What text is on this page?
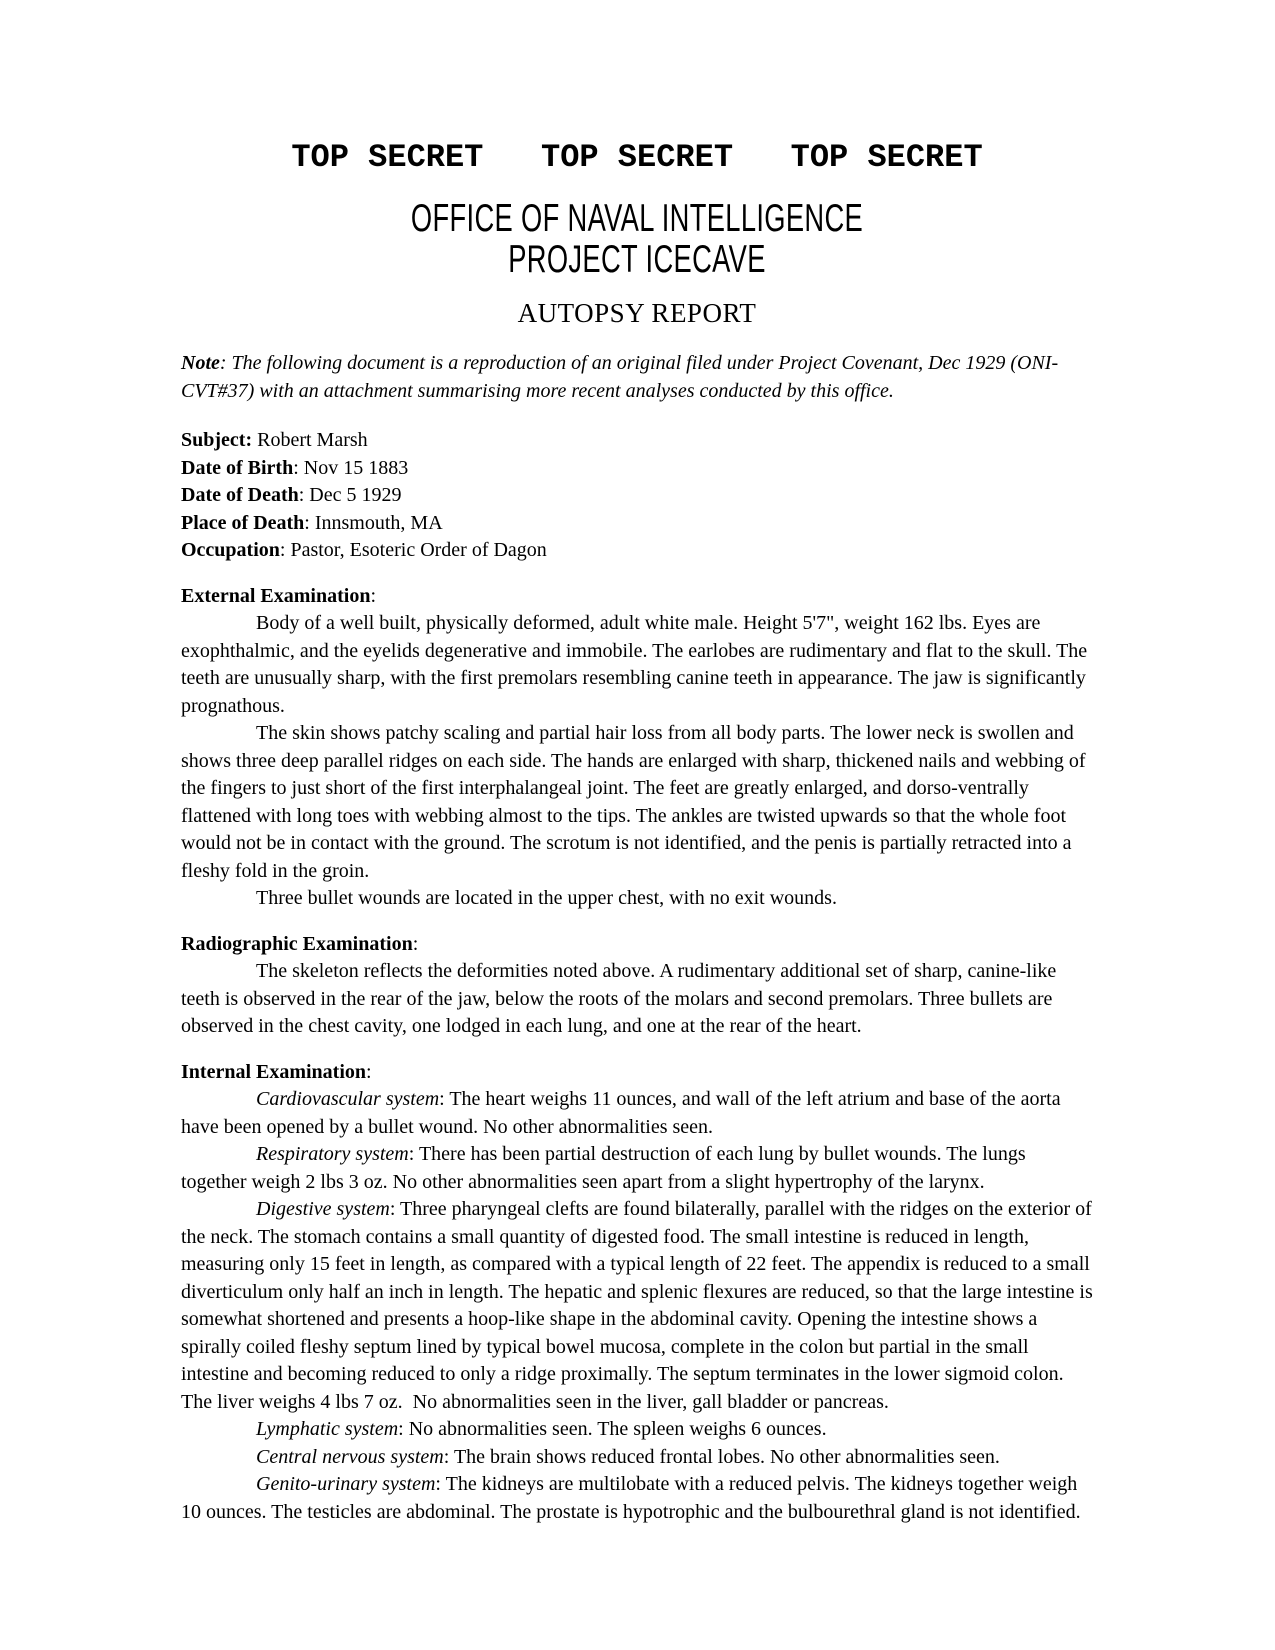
TOP SECRET   TOP SECRET   TOP SECRET
OFFICE OF NAVAL INTELLIGENCE
PROJECT ICECAVE
AUTOPSY REPORT

Note: The following document is a reproduction of an original filed under Project Covenant, Dec 1929 (ONI-CVT#37) with an attachment summarising more recent analyses conducted by this office.

Subject: Robert Marsh
Date of Birth: Nov 15 1883
Date of Death: Dec 5 1929
Place of Death: Innsmouth, MA
Occupation: Pastor, Esoteric Order of Dagon

External Examination:

Body of a well built, physically deformed, adult white male. Height 5'7", weight 162 lbs. Eyes are exophthalmic, and the eyelids degenerative and immobile. The earlobes are rudimentary and flat to the skull. The teeth are unusually sharp, with the first premolars resembling canine teeth in appearance. The jaw is significantly prognathous.

The skin shows patchy scaling and partial hair loss from all body parts. The lower neck is swollen and shows three deep parallel ridges on each side. The hands are enlarged with sharp, thickened nails and webbing of the fingers to just short of the first interphalangeal joint. The feet are greatly enlarged, and dorso-ventrally flattened with long toes with webbing almost to the tips. The ankles are twisted upwards so that the whole foot would not be in contact with the ground. The scrotum is not identified, and the penis is partially retracted into a fleshy fold in the groin.

Three bullet wounds are located in the upper chest, with no exit wounds.

Radiographic Examination:

The skeleton reflects the deformities noted above. A rudimentary additional set of sharp, canine-like teeth is observed in the rear of the jaw, below the roots of the molars and second premolars. Three bullets are observed in the chest cavity, one lodged in each lung, and one at the rear of the heart.

Internal Examination:

Cardiovascular system: The heart weighs 11 ounces, and wall of the left atrium and base of the aorta have been opened by a bullet wound. No other abnormalities seen.

Respiratory system: There has been partial destruction of each lung by bullet wounds. The lungs together weigh 2 lbs 3 oz. No other abnormalities seen apart from a slight hypertrophy of the larynx.

Digestive system: Three pharyngeal clefts are found bilaterally, parallel with the ridges on the exterior of the neck. The stomach contains a small quantity of digested food. The small intestine is reduced in length, measuring only 15 feet in length, as compared with a typical length of 22 feet. The appendix is reduced to a small diverticulum only half an inch in length. The hepatic and splenic flexures are reduced, so that the large intestine is somewhat shortened and presents a hoop-like shape in the abdominal cavity. Opening the intestine shows a spirally coiled fleshy septum lined by typical bowel mucosa, complete in the colon but partial in the small intestine and becoming reduced to only a ridge proximally. The septum terminates in the lower sigmoid colon. The liver weighs 4 lbs 7 oz.  No abnormalities seen in the liver, gall bladder or pancreas.

Lymphatic system: No abnormalities seen. The spleen weighs 6 ounces.

Central nervous system: The brain shows reduced frontal lobes. No other abnormalities seen.

Genito-urinary system: The kidneys are multilobate with a reduced pelvis. The kidneys together weigh 10 ounces. The testicles are abdominal. The prostate is hypotrophic and the bulbourethral gland is not identified.
